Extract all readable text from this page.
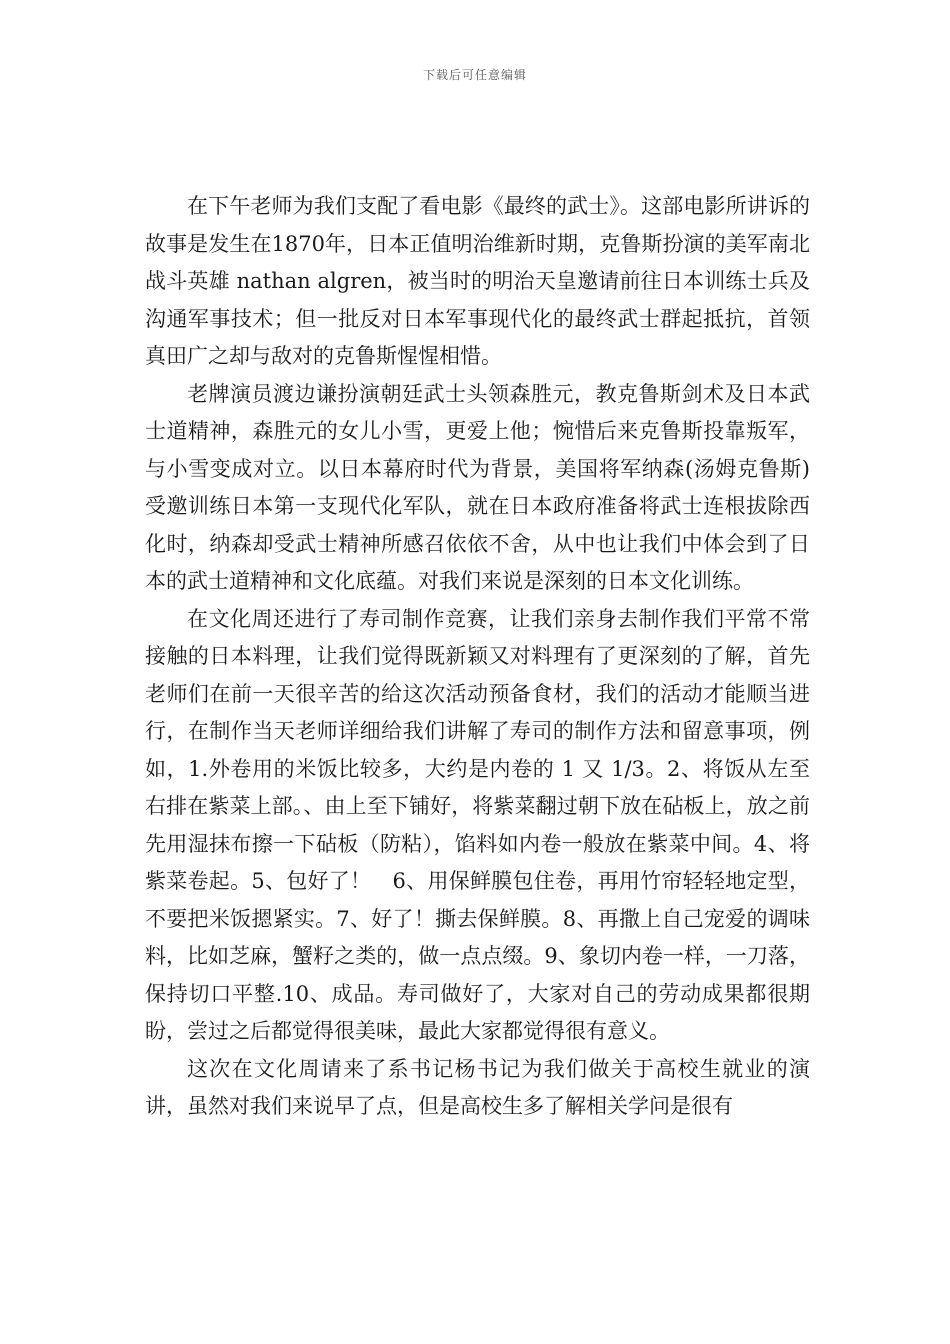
下载后可任意编辑

在下午老师为我们支配了看电影《最终的武士》。这部电影所讲诉的故事是发生在1870年，日本正值明治维新时期，克鲁斯扮演的美军南北战斗英雄 nathan algren，被当时的明治天皇邀请前往日本训练士兵及沟通军事技术；但一批反对日本军事现代化的最终武士群起抵抗，首领真田广之却与敌对的克鲁斯惺惺相惜。

老牌演员渡边谦扮演朝廷武士头领森胜元，教克鲁斯剑术及日本武士道精神，森胜元的女儿小雪，更爱上他；惋惜后来克鲁斯投靠叛军，与小雪变成对立。以日本幕府时代为背景，美国将军纳森(汤姆克鲁斯)受邀训练日本第一支现代化军队，就在日本政府准备将武士连根拔除西化时，纳森却受武士精神所感召依依不舍，从中也让我们中体会到了日本的武士道精神和文化底蕴。对我们来说是深刻的日本文化训练。

在文化周还进行了寿司制作竞赛，让我们亲身去制作我们平常不常接触的日本料理，让我们觉得既新颖又对料理有了更深刻的了解，首先老师们在前一天很辛苦的给这次活动预备食材，我们的活动才能顺当进行，在制作当天老师详细给我们讲解了寿司的制作方法和留意事项，例如，1.外卷用的米饭比较多，大约是内卷的 1 又 1/3。2、将饭从左至右排在紫菜上部。、由上至下铺好，将紫菜翻过朝下放在砧板上，放之前先用湿抹布擦一下砧板（防粘），馅料如内卷一般放在紫菜中间。4、将紫菜卷起。5、包好了！　6、用保鲜膜包住卷，再用竹帘轻轻地定型，不要把米饭摁紧实。7、好了！撕去保鲜膜。8、再撒上自己宠爱的调味料，比如芝麻，蟹籽之类的，做一点点缀。9、象切内卷一样，一刀落，保持切口平整.10、成品。寿司做好了，大家对自己的劳动成果都很期盼，尝过之后都觉得很美味，最此大家都觉得很有意义。

这次在文化周请来了系书记杨书记为我们做关于高校生就业的演讲，虽然对我们来说早了点，但是高校生多了解相关学问是很有
